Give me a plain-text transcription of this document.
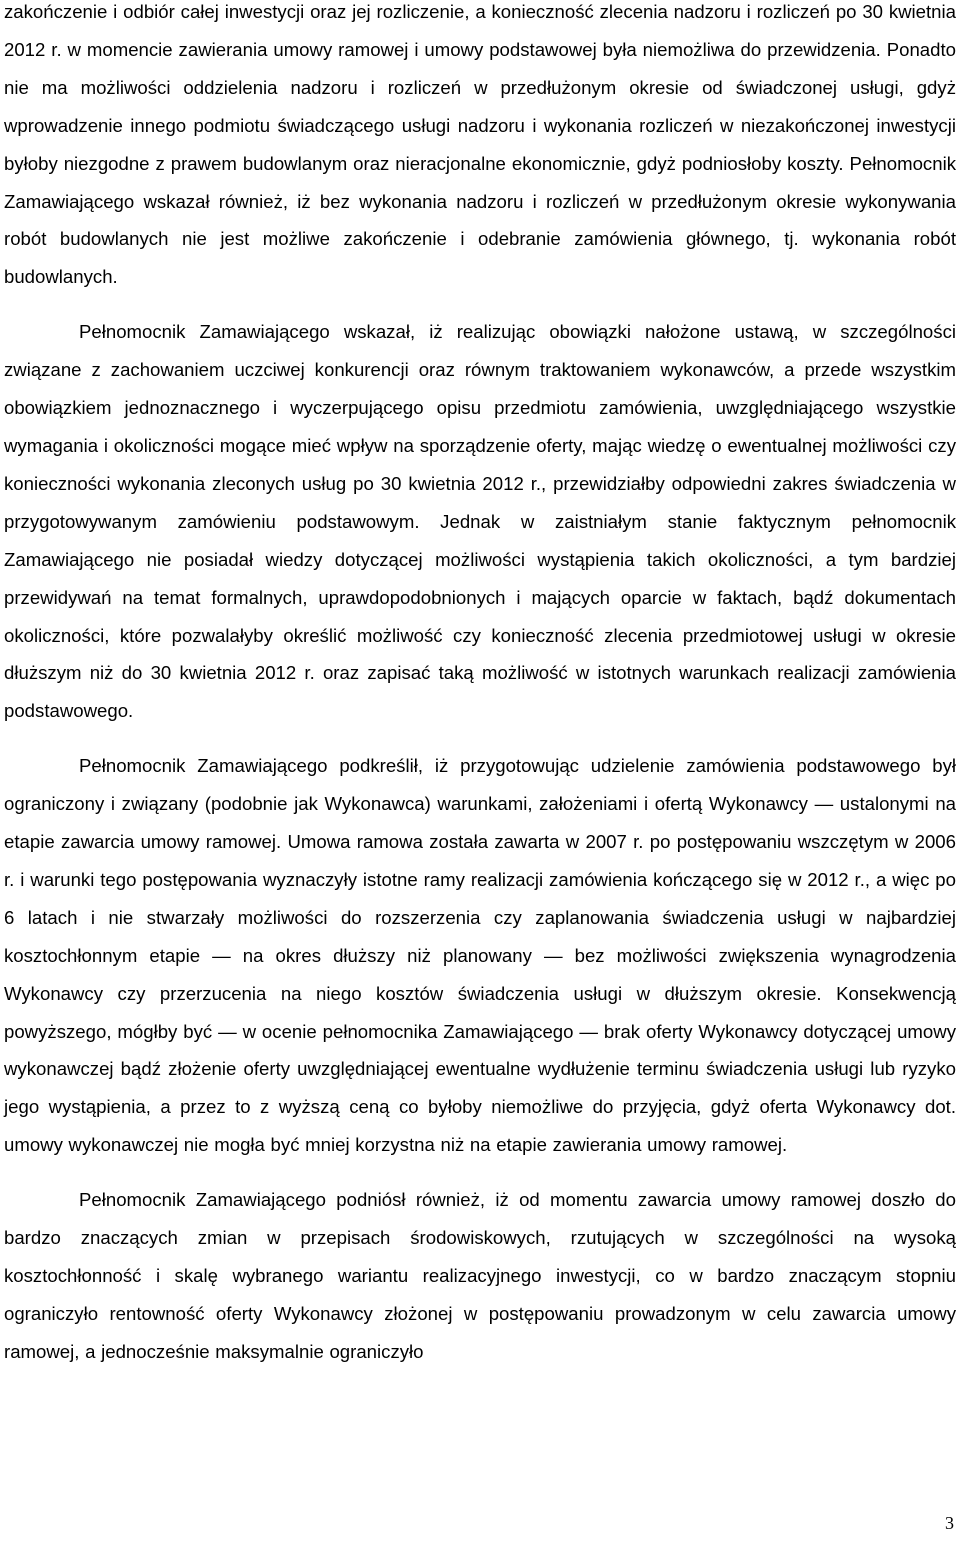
zakończenie i odbiór całej inwestycji oraz jej rozliczenie, a konieczność zlecenia nadzoru i rozliczeń po 30 kwietnia 2012 r. w momencie zawierania umowy ramowej i umowy podstawowej była niemożliwa do przewidzenia. Ponadto nie ma możliwości oddzielenia nadzoru i rozliczeń w przedłużonym okresie od świadczonej usługi, gdyż wprowadzenie innego podmiotu świadczącego usługi nadzoru i wykonania rozliczeń w niezakończonej inwestycji byłoby niezgodne z prawem budowlanym oraz nieracjonalne ekonomicznie, gdyż podniosłoby koszty. Pełnomocnik Zamawiającego wskazał również, iż bez wykonania nadzoru i rozliczeń w przedłużonym okresie wykonywania robót budowlanych nie jest możliwe zakończenie i odebranie zamówienia głównego, tj. wykonania robót budowlanych.

Pełnomocnik Zamawiającego wskazał, iż realizując obowiązki nałożone ustawą, w szczególności związane z zachowaniem uczciwej konkurencji oraz równym traktowaniem wykonawców, a przede wszystkim obowiązkiem jednoznacznego i wyczerpującego opisu przedmiotu zamówienia, uwzględniającego wszystkie wymagania i okoliczności mogące mieć wpływ na sporządzenie oferty, mając wiedzę o ewentualnej możliwości czy konieczności wykonania zleconych usług po 30 kwietnia 2012 r., przewidziałby odpowiedni zakres świadczenia w przygotowywanym zamówieniu podstawowym. Jednak w zaistniałym stanie faktycznym pełnomocnik Zamawiającego nie posiadał wiedzy dotyczącej możliwości wystąpienia takich okoliczności, a tym bardziej przewidywań na temat formalnych, uprawdopodobnionych i mających oparcie w faktach, bądź dokumentach okoliczności, które pozwalałyby określić możliwość czy konieczność zlecenia przedmiotowej usługi w okresie dłuższym niż do 30 kwietnia 2012 r. oraz zapisać taką możliwość w istotnych warunkach realizacji zamówienia podstawowego.

Pełnomocnik Zamawiającego podkreślił, iż przygotowując udzielenie zamówienia podstawowego był ograniczony i związany (podobnie jak Wykonawca) warunkami, założeniami i ofertą Wykonawcy — ustalonymi na etapie zawarcia umowy ramowej. Umowa ramowa została zawarta w 2007 r. po postępowaniu wszczętym w 2006 r. i warunki tego postępowania wyznaczyły istotne ramy realizacji zamówienia kończącego się w 2012 r., a więc po 6 latach i nie stwarzały możliwości do rozszerzenia czy zaplanowania świadczenia usługi w najbardziej kosztochłonnym etapie — na okres dłuższy niż planowany — bez możliwości zwiększenia wynagrodzenia Wykonawcy czy przerzucenia na niego kosztów świadczenia usługi w dłuższym okresie. Konsekwencją powyższego, mógłby być — w ocenie pełnomocnika Zamawiającego — brak oferty Wykonawcy dotyczącej umowy wykonawczej bądź złożenie oferty uwzględniającej ewentualne wydłużenie terminu świadczenia usługi lub ryzyko jego wystąpienia, a przez to z wyższą ceną co byłoby niemożliwe do przyjęcia, gdyż oferta Wykonawcy dot. umowy wykonawczej nie mogła być mniej korzystna niż na etapie zawierania umowy ramowej.

Pełnomocnik Zamawiającego podniósł również, iż od momentu zawarcia umowy ramowej doszło do bardzo znaczących zmian w przepisach środowiskowych, rzutujących w szczególności na wysoką kosztochłonność i skalę wybranego wariantu realizacyjnego inwestycji, co w bardzo znaczącym stopniu ograniczyło rentowność oferty Wykonawcy złożonej w postępowaniu prowadzonym w celu zawarcia umowy ramowej, a jednocześnie maksymalnie ograniczyło

3
